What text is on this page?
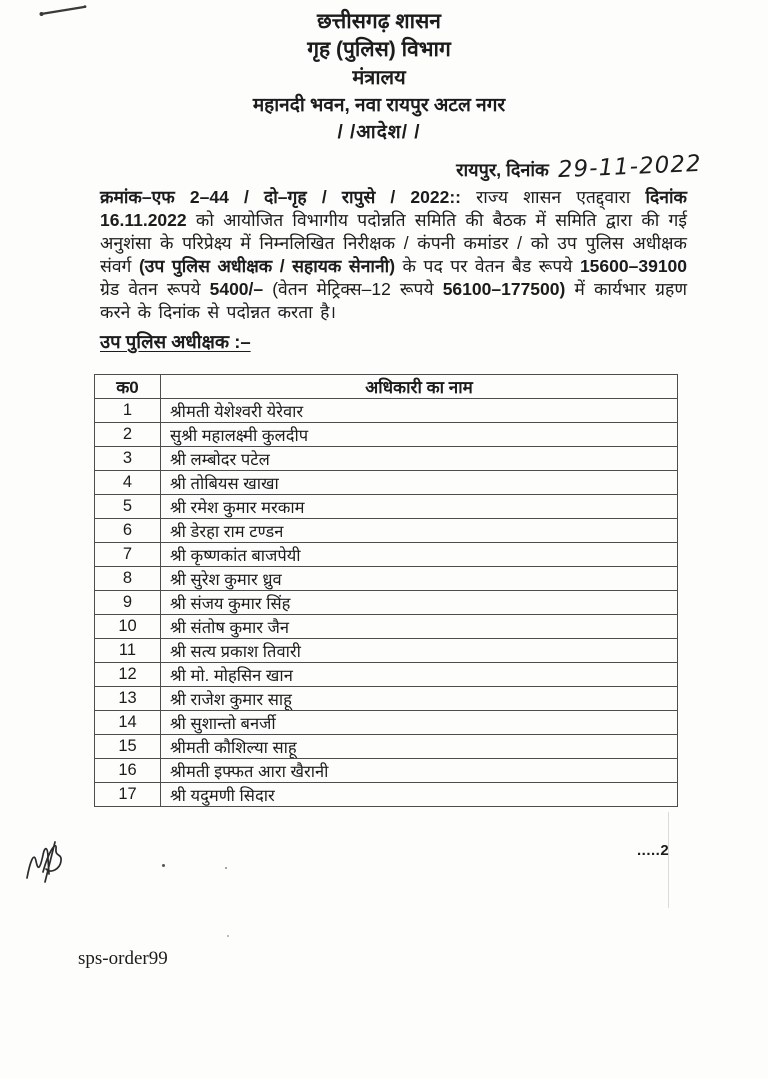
छत्तीसगढ़ शासन
गृह (पुलिस) विभाग
मंत्रालय
महानदी भवन, नवा रायपुर अटल नगर
/ /आदेश/ /
रायपुर, दिनांक 29-11-2022

क्रमांक–एफ 2–44 / दो–गृह / रापुसे / 2022:: राज्य शासन एतद्द्वारा दिनांक 16.11.2022 को आयोजित विभागीय पदोन्नति समिति की बैठक में समिति द्वारा की गई अनुशंसा के परिप्रेक्ष्य में निम्नलिखित निरीक्षक / कंपनी कमांडर / को उप पुलिस अधीक्षक संवर्ग (उप पुलिस अधीक्षक / सहायक सेनानी) के पद पर वेतन बैड रूपये 15600–39100 ग्रेड वेतन रूपये 5400/– (वेतन मेट्रिक्स–12 रूपये 56100–177500) में कार्यभार ग्रहण करने के दिनांक से पदोन्नत करता है।

उप पुलिस अधीक्षक :–
क0	अधिकारी का नाम
1	श्रीमती येशेश्वरी येरेवार
2	सुश्री महालक्ष्मी कुलदीप
3	श्री लम्बोदर पटेल
4	श्री तोबियस खाखा
5	श्री रमेश कुमार मरकाम
6	श्री डेरहा राम टण्डन
7	श्री कृष्णकांत बाजपेयी
8	श्री सुरेश कुमार ध्रुव
9	श्री संजय कुमार सिंह
10	श्री संतोष कुमार जैन
11	श्री सत्य प्रकाश तिवारी
12	श्री मो. मोहसिन खान
13	श्री राजेश कुमार साहू
14	श्री सुशान्तो बनर्जी
15	श्रीमती कौशिल्या साहू
16	श्रीमती इफ्फत आरा खैरानी
17	श्री यदुमणी सिदार
.....2
sps-order99
